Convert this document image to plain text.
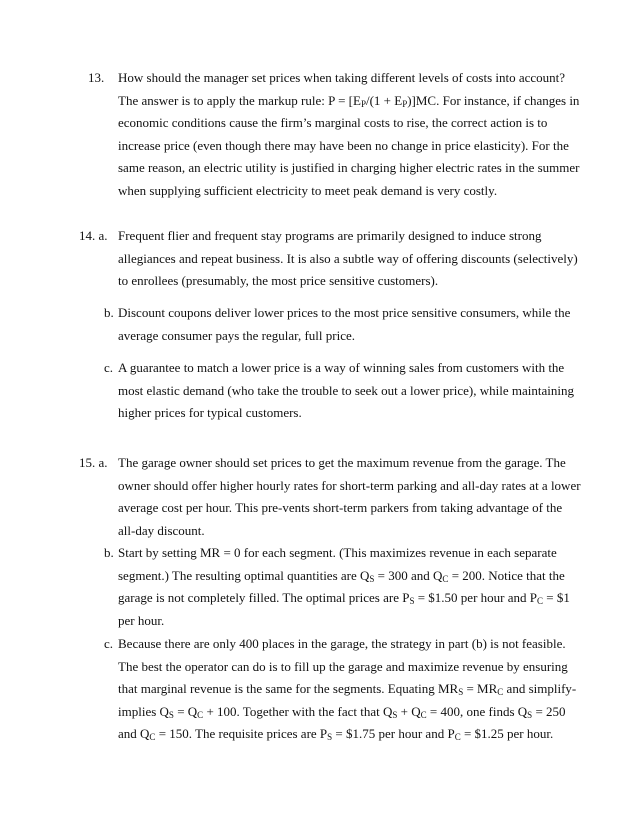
13. How should the manager set prices when taking different levels of costs into account?
The answer is to apply the markup rule: $P = [E_P/(1 + E_P)]MC$. For instance, if changes in
economic conditions cause the firm’s marginal costs to rise, the correct action is to
increase price (even though there may have been no change in price elasticity). For the
same reason, an electric utility is justified in charging higher electric rates in the summer
when supplying sufficient electricity to meet peak demand is very costly.
14. a. Frequent flier and frequent stay programs are primarily designed to induce strong
allegiances and repeat business. It is also a subtle way of offering discounts (selectively)
to enrollees (presumably, the most price sensitive customers).
b. Discount coupons deliver lower prices to the most price sensitive consumers, while the
average consumer pays the regular, full price.
c. A guarantee to match a lower price is a way of winning sales from customers with the
most elastic demand (who take the trouble to seek out a lower price), while maintaining
higher prices for typical customers.
15. a. The garage owner should set prices to get the maximum revenue from the garage. The
owner should offer higher hourly rates for short-term parking and all-day rates at a lower
average cost per hour. This pre-vents short-term parkers from taking advantage of the
all-day discount.
b. Start by setting MR = 0 for each segment. (This maximizes revenue in each separate
segment.) The resulting optimal quantities are $Q_S = 300$ and $Q_C = 200$. Notice that the
garage is not completely filled. The optimal prices are $P_S$ = $1.50 per hour and $P_C$ = $1
per hour.
c. Because there are only 400 places in the garage, the strategy in part (b) is not feasible.
The best the operator can do is to fill up the garage and maximize revenue by ensuring
that marginal revenue is the same for the segments. Equating $MR_S = MR_C$ and simplify-
implies $Q_S = Q_C + 100$. Together with the fact that $Q_S + Q_C = 400$, one finds $Q_S = 250$
and $Q_C = 150$. The requisite prices are $P_S$ = $1.75 per hour and $P_C$ = $1.25 per hour.
